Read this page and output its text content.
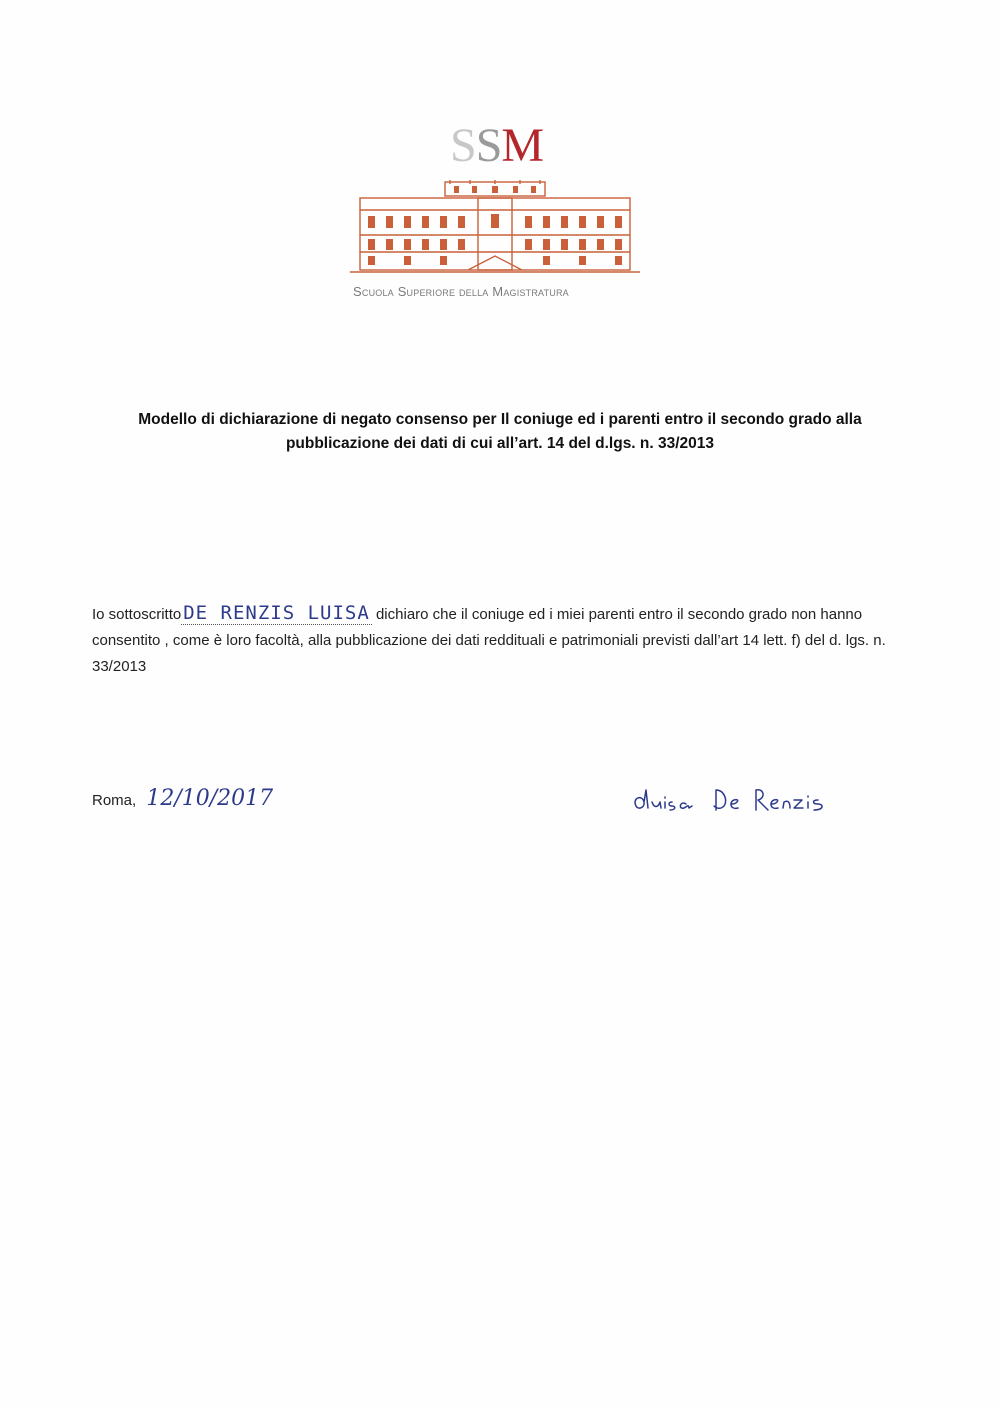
SSM
Scuola Superiore della Magistratura
Modello di dichiarazione di negato consenso per Il coniuge ed i parenti entro il secondo grado alla
pubblicazione dei dati di cui all’art. 14 del d.lgs. n. 33/2013
Io sottoscritto DE RENZIS LUISA dichiaro che il coniuge ed i miei parenti entro il secondo grado non hanno consentito , come è loro facoltà, alla pubblicazione dei dati reddituali e patrimoniali previsti dall’art 14 lett. f) del d. lgs. n. 33/2013
Roma, 12/10/2017
